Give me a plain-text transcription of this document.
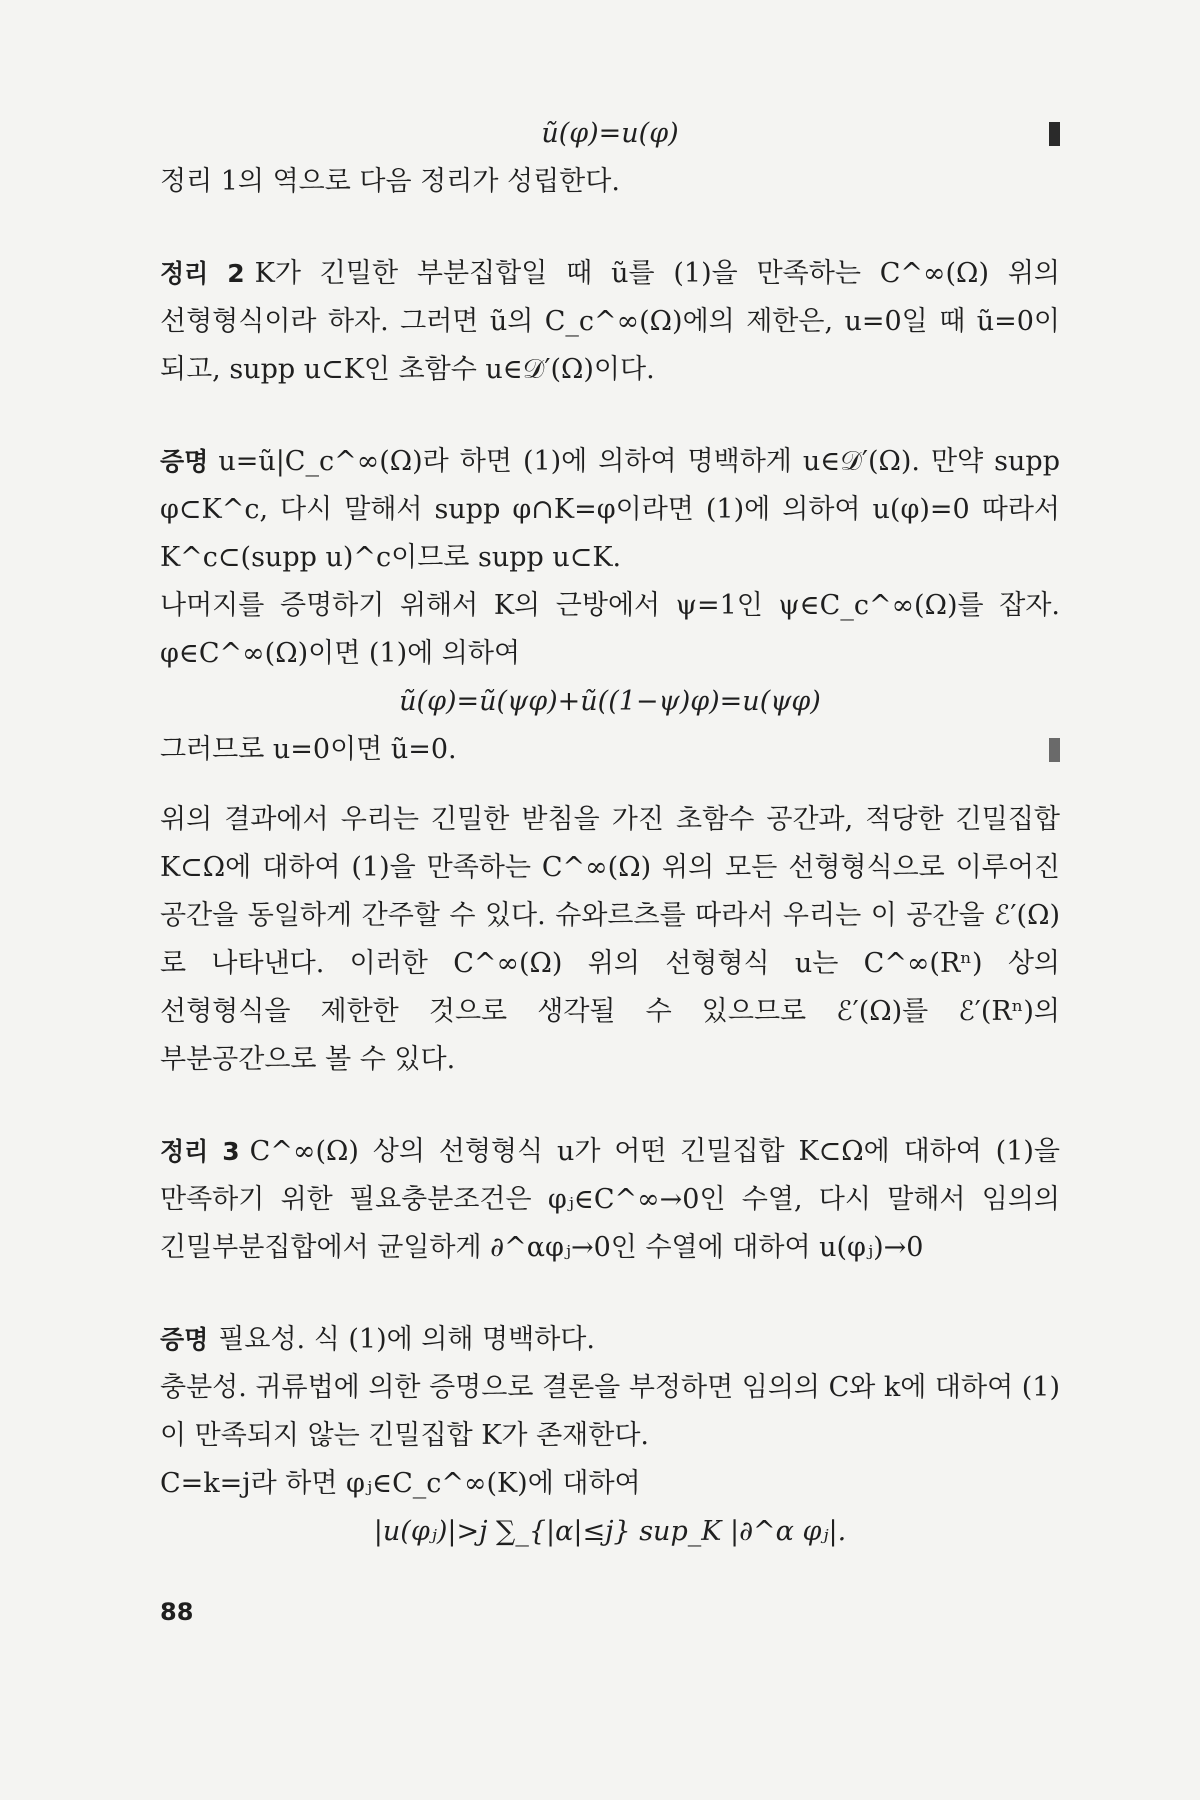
ũ(φ)=u(φ)

정리 1의 역으로 다음 정리가 성립한다.

정리 2 K가 긴밀한 부분집합일 때 ũ를 (1)을 만족하는 C^∞(Ω) 위의 선형형식이라 하자. 그러면 ũ의 C_c^∞(Ω)에의 제한은, u=0일 때 ũ=0이 되고, supp u⊂K인 초함수 u∈𝒟′(Ω)이다.

증명 u=ũ|C_c^∞(Ω)라 하면 (1)에 의하여 명백하게 u∈𝒟′(Ω). 만약 supp φ⊂K^c, 다시 말해서 supp φ∩K=φ이라면 (1)에 의하여 u(φ)=0 따라서 K^c⊂(supp u)^c이므로 supp u⊂K.

나머지를 증명하기 위해서 K의 근방에서 ψ=1인 ψ∈C_c^∞(Ω)를 잡자. φ∈C^∞(Ω)이면 (1)에 의하여

ũ(φ)=ũ(ψφ)+ũ((1−ψ)φ)=u(ψφ)

그러므로 u=0이면 ũ=0.

위의 결과에서 우리는 긴밀한 받침을 가진 초함수 공간과, 적당한 긴밀집합 K⊂Ω에 대하여 (1)을 만족하는 C^∞(Ω) 위의 모든 선형형식으로 이루어진 공간을 동일하게 간주할 수 있다. 슈와르츠를 따라서 우리는 이 공간을 ℰ′(Ω)로 나타낸다. 이러한 C^∞(Ω) 위의 선형형식 u는 C^∞(Rⁿ) 상의 선형형식을 제한한 것으로 생각될 수 있으므로 ℰ′(Ω)를 ℰ′(Rⁿ)의 부분공간으로 볼 수 있다.

정리 3 C^∞(Ω) 상의 선형형식 u가 어떤 긴밀집합 K⊂Ω에 대하여 (1)을 만족하기 위한 필요충분조건은 φⱼ∈C^∞→0인 수열, 다시 말해서 임의의 긴밀부분집합에서 균일하게 ∂^αφⱼ→0인 수열에 대하여 u(φⱼ)→0

증명 필요성. 식 (1)에 의해 명백하다.

충분성. 귀류법에 의한 증명으로 결론을 부정하면 임의의 C와 k에 대하여 (1)이 만족되지 않는 긴밀집합 K가 존재한다.

C=k=j라 하면 φⱼ∈C_c^∞(K)에 대하여

|u(φⱼ)|>j ∑_{|α|≤j} sup_K |∂^α φⱼ|.
88
